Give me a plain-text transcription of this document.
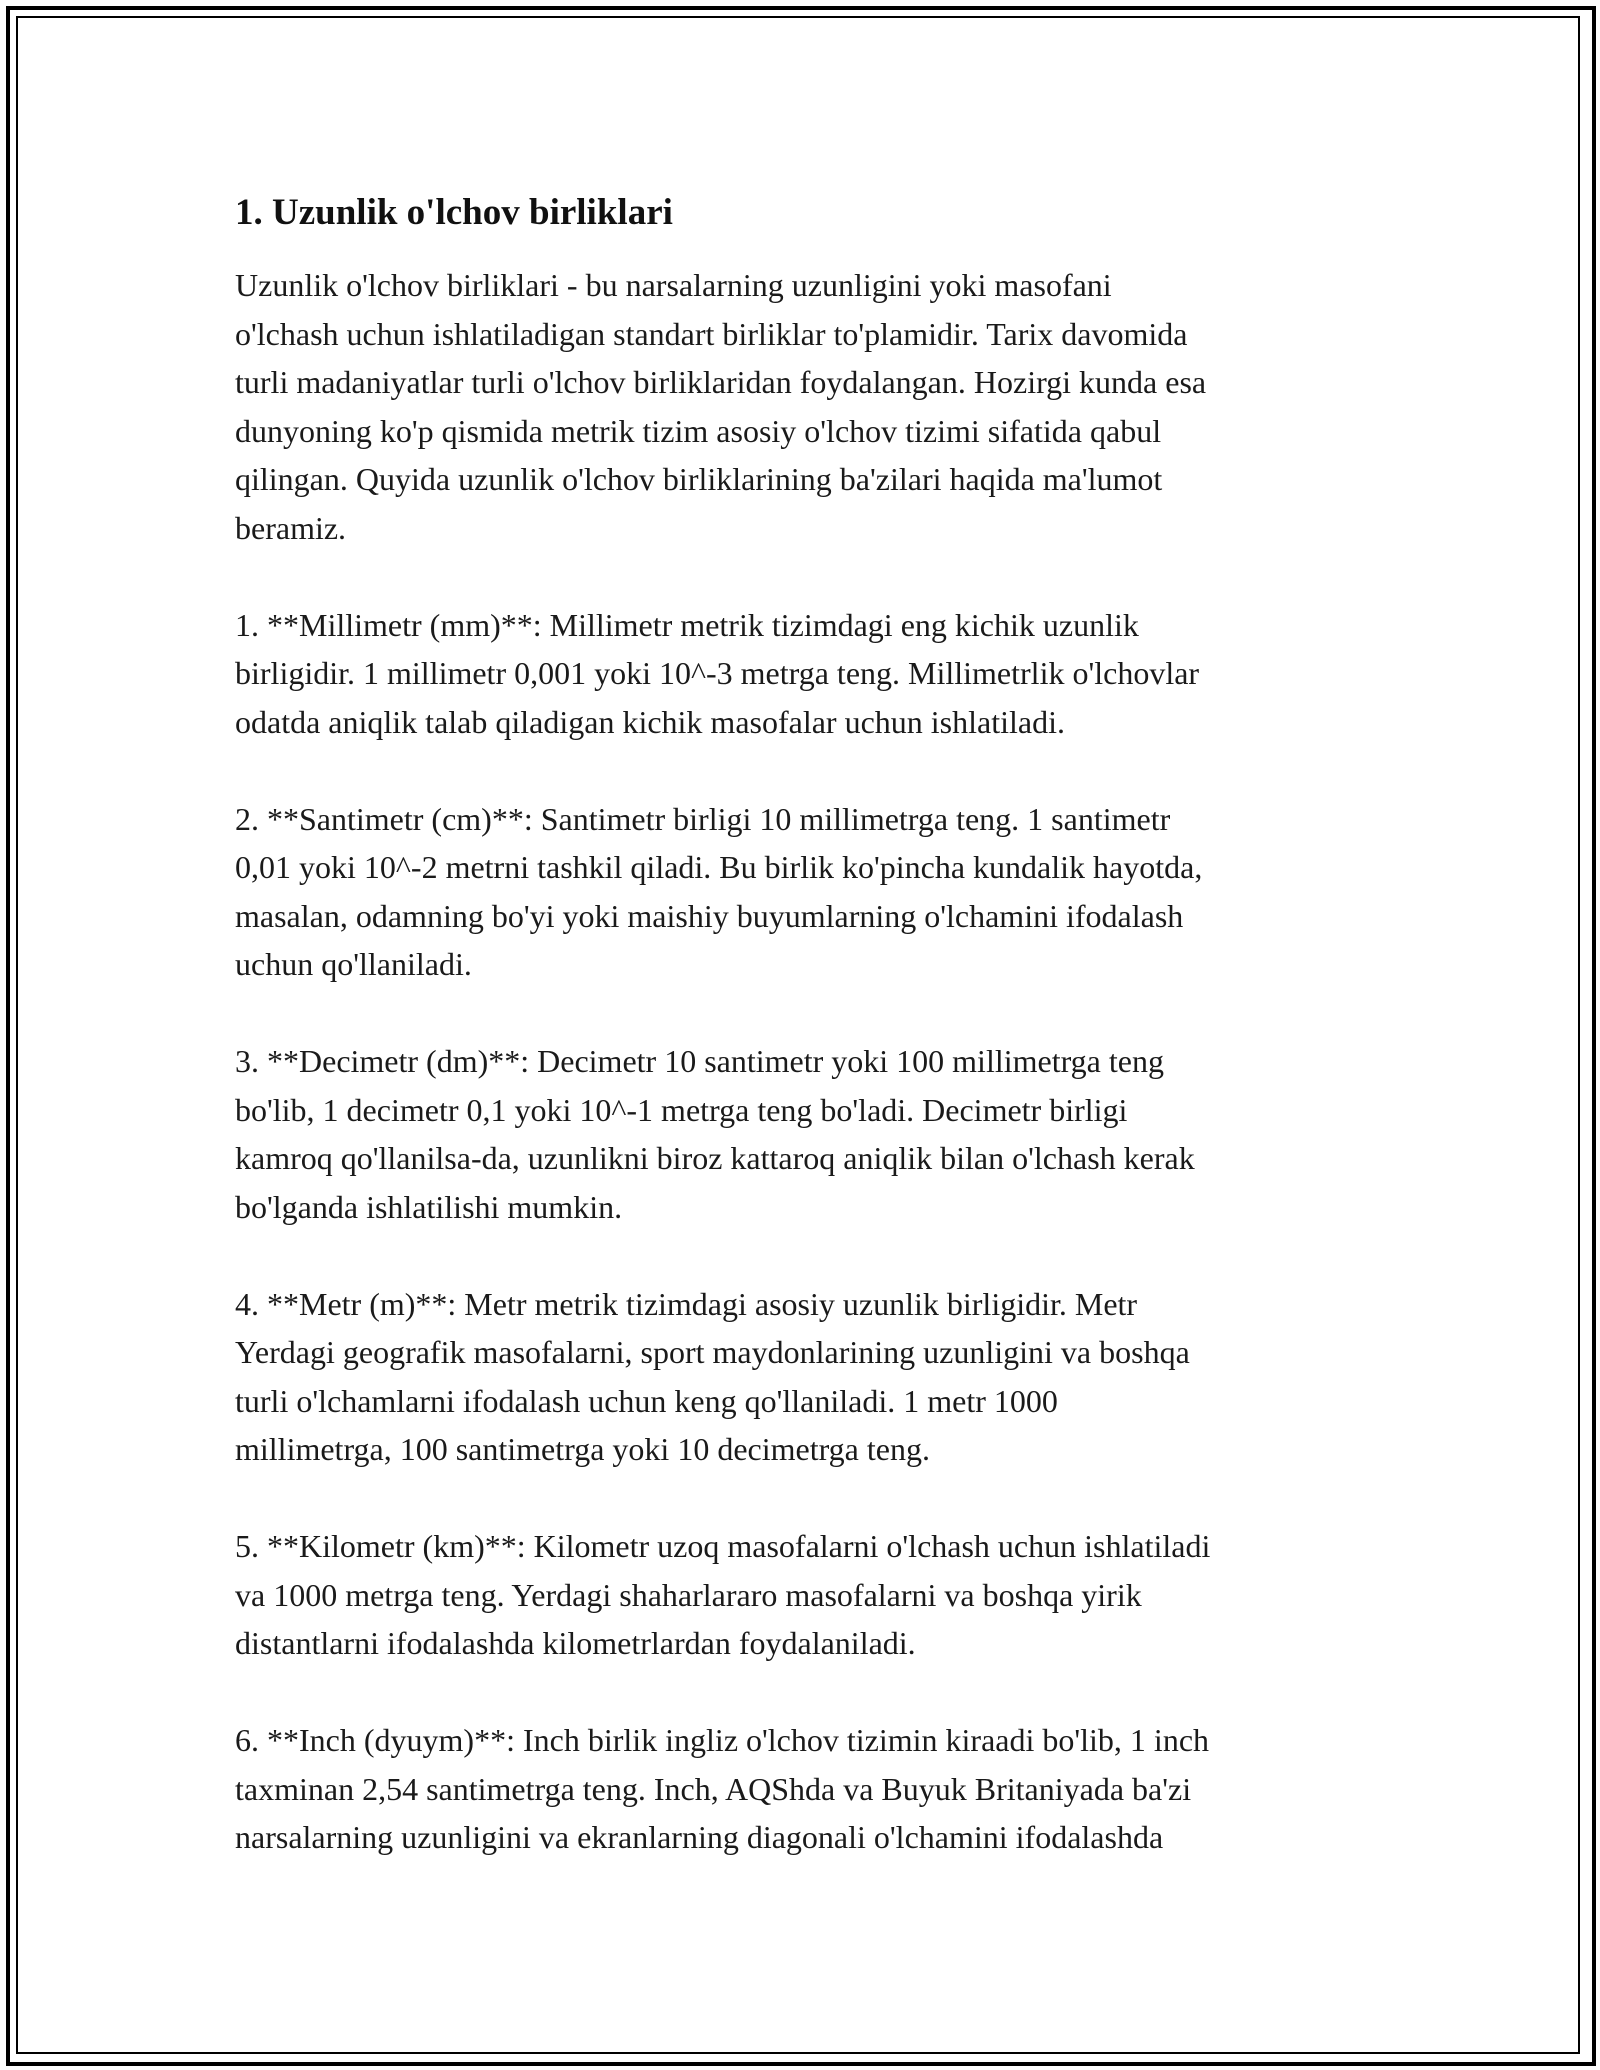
1. Uzunlik o'lchov birliklari

Uzunlik o'lchov birliklari - bu narsalarning uzunligini yoki masofani
o'lchash uchun ishlatiladigan standart birliklar to'plamidir. Tarix davomida
turli madaniyatlar turli o'lchov birliklaridan foydalangan. Hozirgi kunda esa
dunyoning ko'p qismida metrik tizim asosiy o'lchov tizimi sifatida qabul
qilingan. Quyida uzunlik o'lchov birliklarining ba'zilari haqida ma'lumot
beramiz.

1. **Millimetr (mm)**: Millimetr metrik tizimdagi eng kichik uzunlik
birligidir. 1 millimetr 0,001 yoki 10^-3 metrga teng. Millimetrlik o'lchovlar
odatda aniqlik talab qiladigan kichik masofalar uchun ishlatiladi.

2. **Santimetr (cm)**: Santimetr birligi 10 millimetrga teng. 1 santimetr
0,01 yoki 10^-2 metrni tashkil qiladi. Bu birlik ko'pincha kundalik hayotda,
masalan, odamning bo'yi yoki maishiy buyumlarning o'lchamini ifodalash
uchun qo'llaniladi.

3. **Decimetr (dm)**: Decimetr 10 santimetr yoki 100 millimetrga teng
bo'lib, 1 decimetr 0,1 yoki 10^-1 metrga teng bo'ladi. Decimetr birligi
kamroq qo'llanilsa-da, uzunlikni biroz kattaroq aniqlik bilan o'lchash kerak
bo'lganda ishlatilishi mumkin.

4. **Metr (m)**: Metr metrik tizimdagi asosiy uzunlik birligidir. Metr
Yerdagi geografik masofalarni, sport maydonlarining uzunligini va boshqa
turli o'lchamlarni ifodalash uchun keng qo'llaniladi. 1 metr 1000
millimetrga, 100 santimetrga yoki 10 decimetrga teng.

5. **Kilometr (km)**: Kilometr uzoq masofalarni o'lchash uchun ishlatiladi
va 1000 metrga teng. Yerdagi shaharlararo masofalarni va boshqa yirik
distantlarni ifodalashda kilometrlardan foydalaniladi.

6. **Inch (dyuym)**: Inch birlik ingliz o'lchov tizimin kiraadi bo'lib, 1 inch
taxminan 2,54 santimetrga teng. Inch, AQShda va Buyuk Britaniyada ba'zi
narsalarning uzunligini va ekranlarning diagonali o'lchamini ifodalashda
